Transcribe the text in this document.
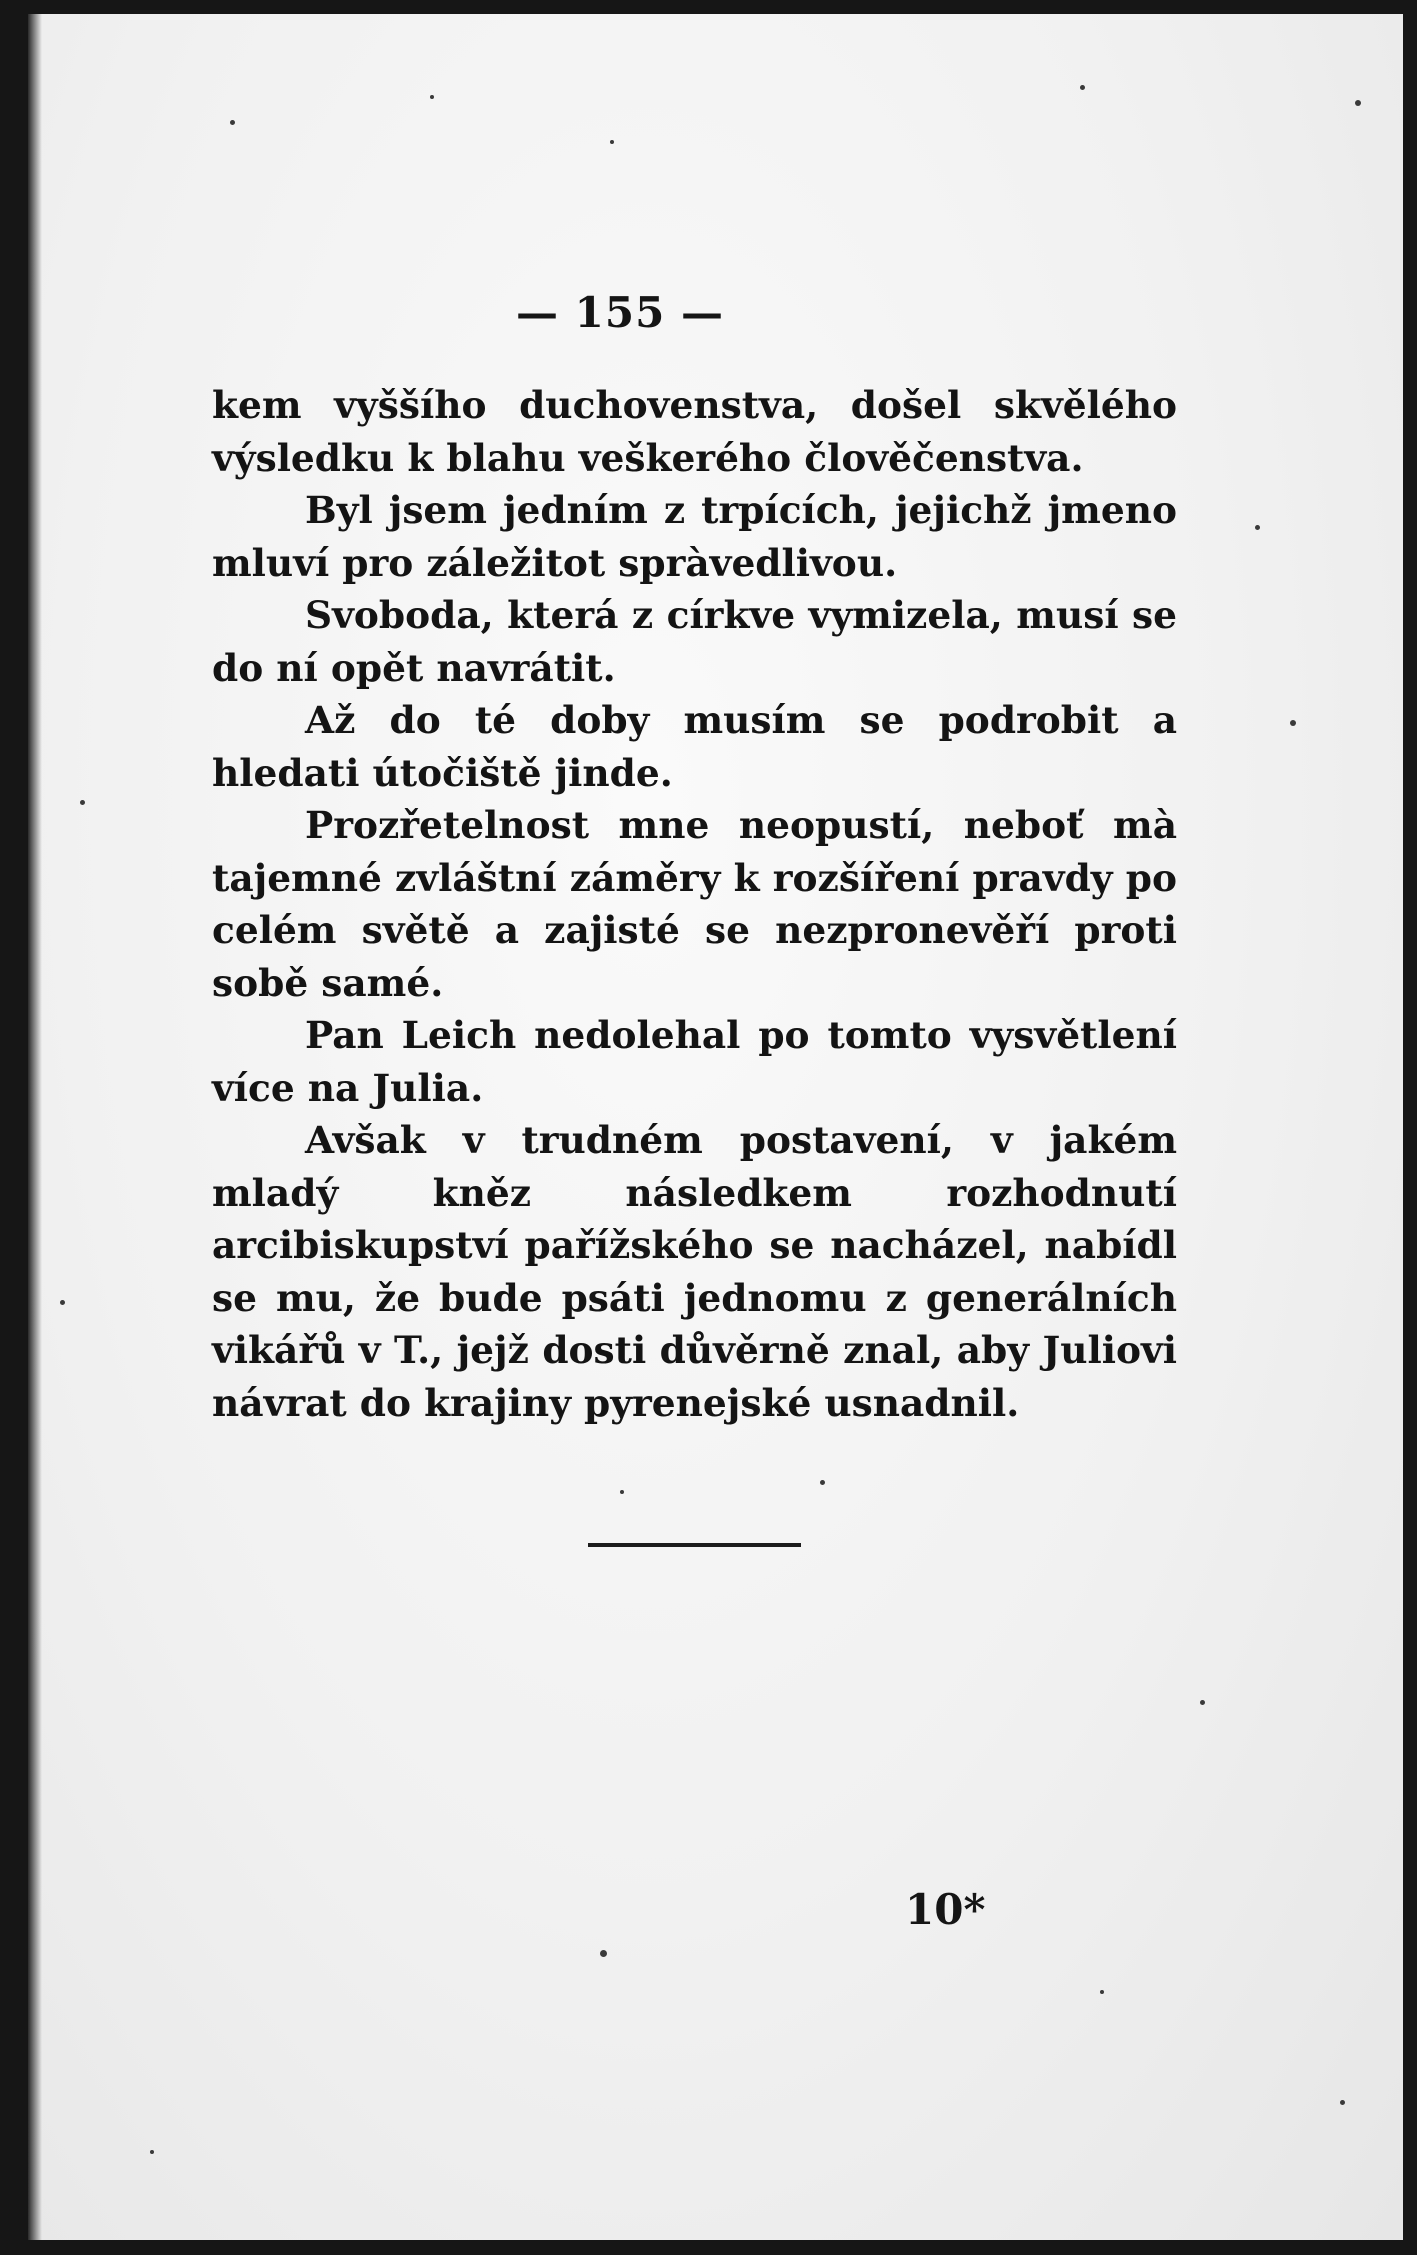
— 155 —

kem vyššího duchovenstva, došel skvělého výsledku k blahu veškerého člověčenstva.

Byl jsem jedním z trpících, jejichž jmeno mluví pro záležitot spràvedlivou.

Svoboda, která z církve vymizela, musí se do ní opět navrátit.

Až do té doby musím se podrobit a hledati útočiště jinde.

Prozřetelnost mne neopustí, neboť mà tajemné zvláštní záměry k rozšíření pravdy po celém světě a zajisté se nezpronevěří proti sobě samé.

Pan Leich nedolehal po tomto vysvětlení více na Julia.

Avšak v trudném postavení, v jakém mladý kněz následkem rozhodnutí arcibiskupství pařížského se nacházel, nabídl se mu, že bude psáti jednomu z generálních vikářů v T., jejž dosti důvěrně znal, aby Juliovi návrat do krajiny pyrenejské usnadnil.

10*
